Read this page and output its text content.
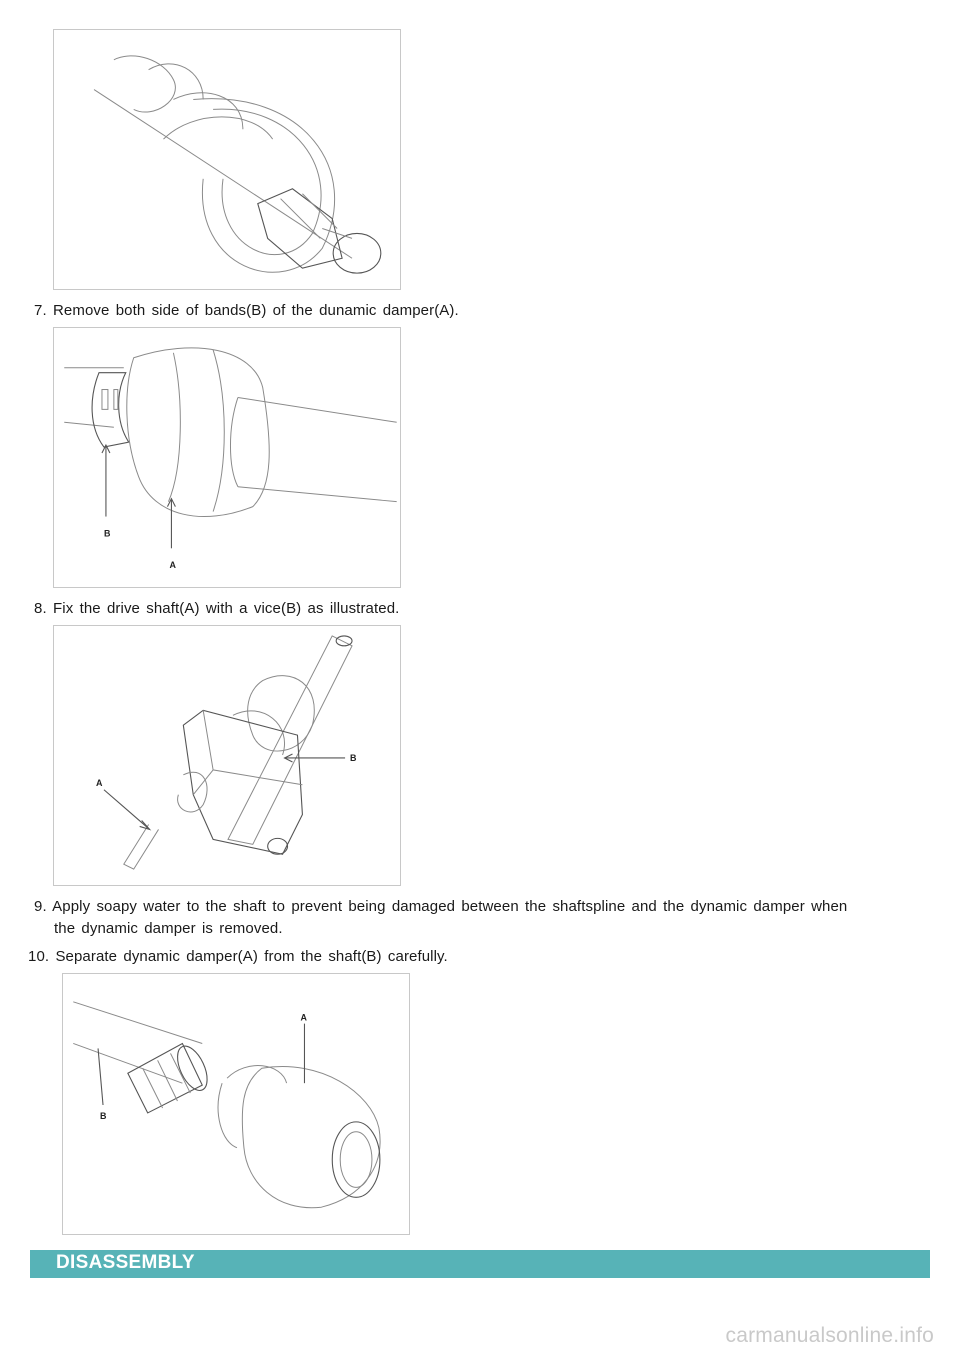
7. Remove both side of bands(B) of the dunamic damper(A).
B
A
8. Fix the drive shaft(A) with a vice(B) as illustrated.
A
B
9. Apply soapy water to the shaft to prevent being damaged between the shaftspline and the dynamic damper when
the dynamic damper is removed.
10. Separate dynamic damper(A) from the shaft(B) carefully.
A
B
DISASSEMBLY
carmanualsonline.info
